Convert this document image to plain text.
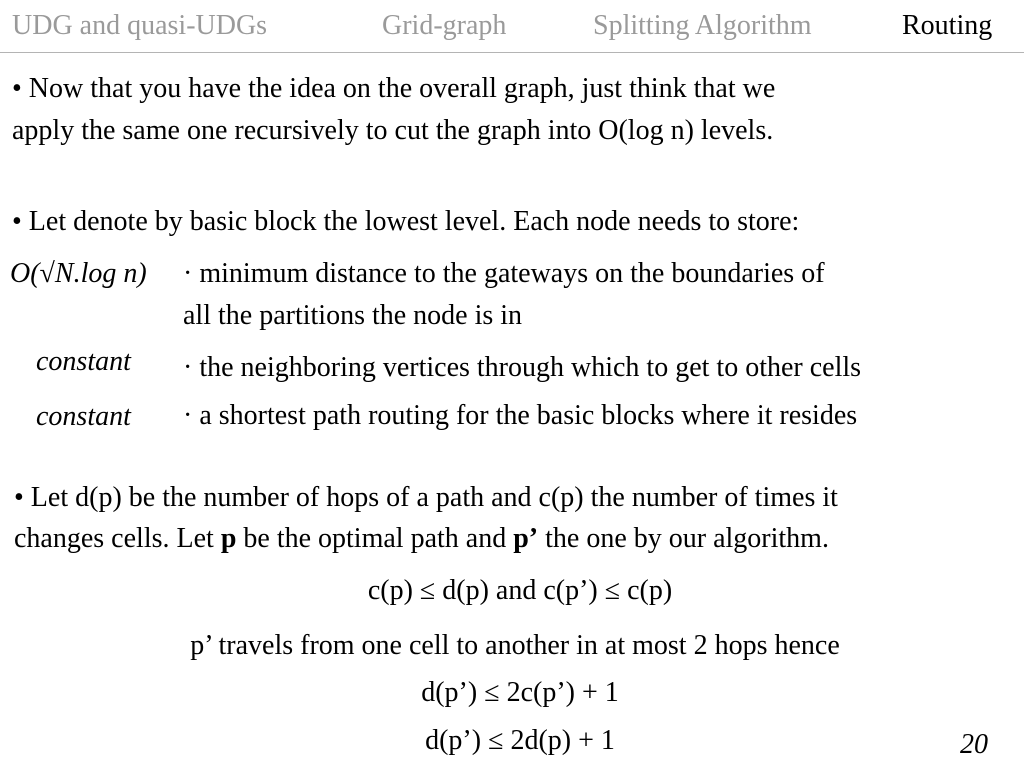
UDG and quasi-UDGs	Grid-graph	Splitting Algorithm	Routing
• Now that you have the idea on the overall graph, just think that we
apply the same one recursively to cut the graph into O(log n) levels.
• Let denote by basic block the lowest level. Each node needs to store:
O(√N.log n) · minimum distance to the gateways on the boundaries of
all the partitions the node is in
constant · the neighboring vertices through which to get to other cells
constant · a shortest path routing for the basic blocks where it resides
• Let d(p) be the number of hops of a path and c(p) the number of times it
changes cells. Let p be the optimal path and p’ the one by our algorithm.
c(p) ≤ d(p) and c(p’) ≤ c(p)
p’ travels from one cell to another in at most 2 hops hence
d(p’) ≤ 2c(p’) + 1
d(p’) ≤ 2d(p) + 1	20
